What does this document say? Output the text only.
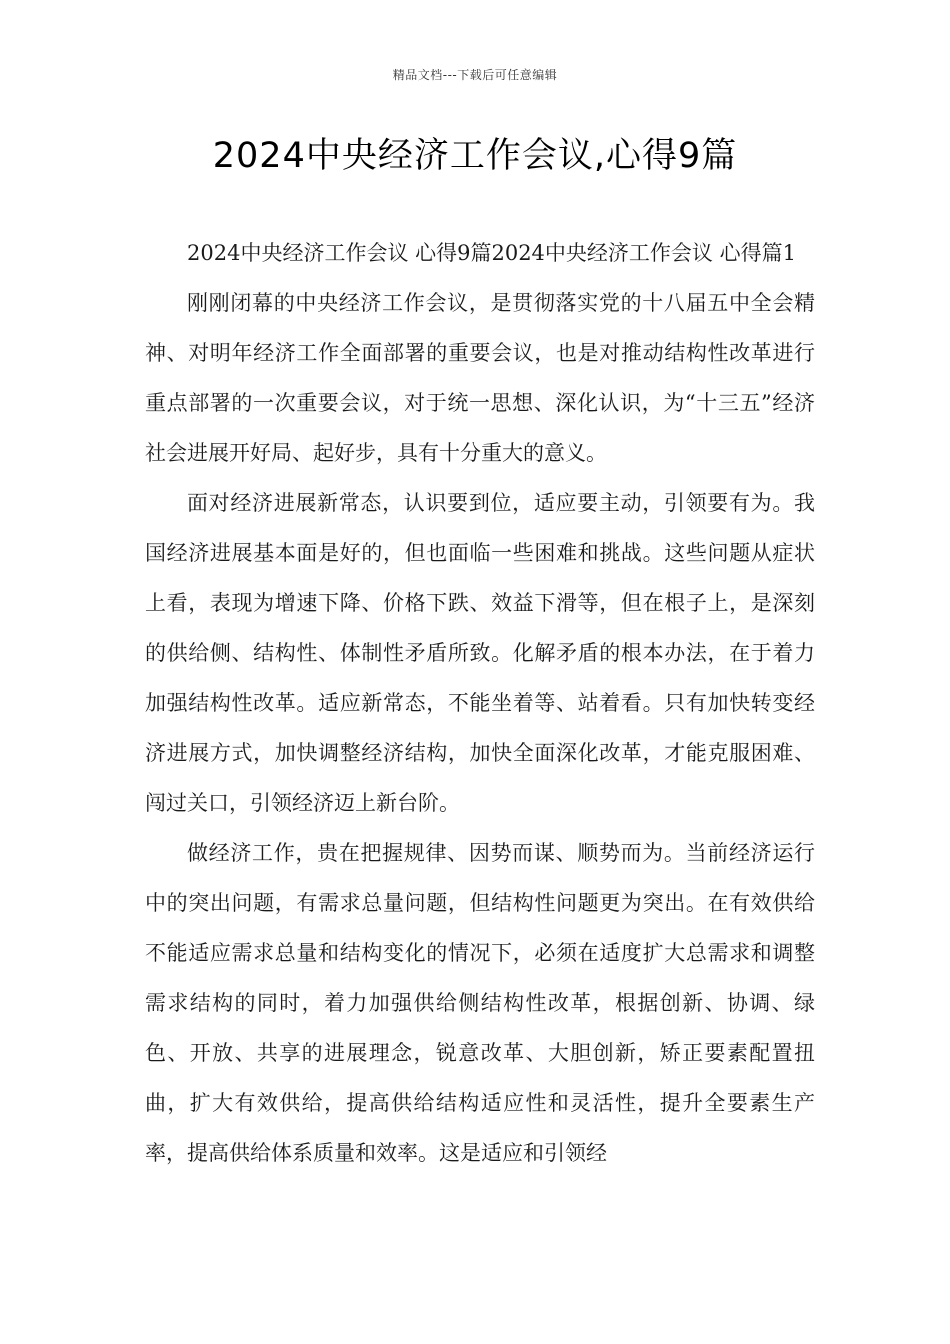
精品文档---下载后可任意编辑
2024中央经济工作会议,心得9篇

2024中央经济工作会议 心得9篇2024中央经济工作会议 心得篇1

刚刚闭幕的中央经济工作会议，是贯彻落实党的十八届五中全会精神、对明年经济工作全面部署的重要会议，也是对推动结构性改革进行重点部署的一次重要会议，对于统一思想、深化认识，为“十三五”经济社会进展开好局、起好步，具有十分重大的意义。

面对经济进展新常态，认识要到位，适应要主动，引领要有为。我国经济进展基本面是好的，但也面临一些困难和挑战。这些问题从症状上看，表现为增速下降、价格下跌、效益下滑等，但在根子上，是深刻的供给侧、结构性、体制性矛盾所致。化解矛盾的根本办法，在于着力加强结构性改革。适应新常态，不能坐着等、站着看。只有加快转变经济进展方式，加快调整经济结构，加快全面深化改革，才能克服困难、闯过关口，引领经济迈上新台阶。

做经济工作，贵在把握规律、因势而谋、顺势而为。当前经济运行中的突出问题，有需求总量问题，但结构性问题更为突出。在有效供给不能适应需求总量和结构变化的情况下，必须在适度扩大总需求和调整需求结构的同时，着力加强供给侧结构性改革，根据创新、协调、绿色、开放、共享的进展理念，锐意改革、大胆创新，矫正要素配置扭曲，扩大有效供给，提高供给结构适应性和灵活性，提升全要素生产率，提高供给体系质量和效率。这是适应和引领经
